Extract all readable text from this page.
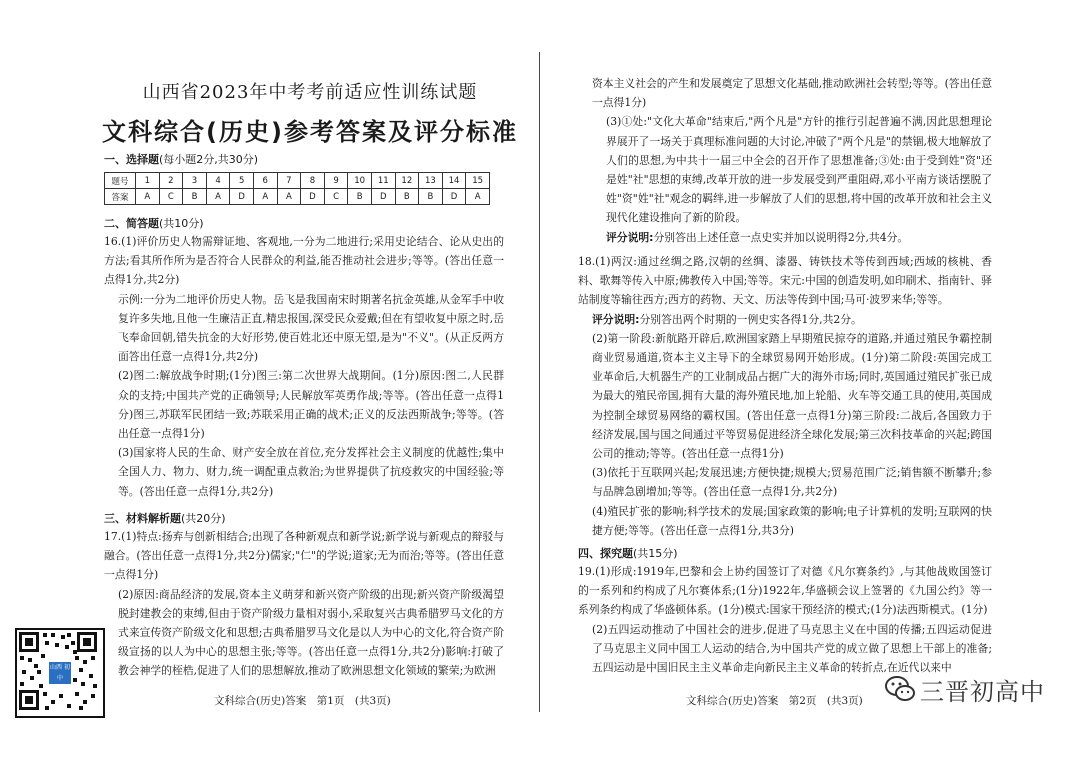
山西省2023年中考考前适应性训练试题
文科综合(历史)参考答案及评分标准
一、选择题(每小题2分,共30分)
题号	1	2	3	4	5	6	7	8	9	10	11	12	13	14	15
答案	A	C	B	A	D	A	A	D	C	B	D	B	B	D	A
二、简答题(共10分)

16.(1)评价历史人物需辩证地、客观地,一分为二地进行;采用史论结合、论从史出的方法;看其所作所为是否符合人民群众的利益,能否推动社会进步;等等。(答出任意一点得1分,共2分)

示例:一分为二地评价历史人物。岳飞是我国南宋时期著名抗金英雄,从金军手中收复许多失地,且他一生廉洁正直,精忠报国,深受民众爱戴;但在有望收复中原之时,岳飞奉命回朝,错失抗金的大好形势,使百姓北还中原无望,是为"不义"。(从正反两方面答出任意一点得1分,共2分)

(2)图二:解放战争时期;(1分)图三:第二次世界大战期间。(1分)原因:图二,人民群众的支持;中国共产党的正确领导;人民解放军英勇作战;等等。(答出任意一点得1分)图三,苏联军民团结一致;苏联采用正确的战术;正义的反法西斯战争;等等。(答出任意一点得1分)

(3)国家将人民的生命、财产安全放在首位,充分发挥社会主义制度的优越性;集中全国人力、物力、财力,统一调配重点救治;为世界提供了抗疫救灾的中国经验;等等。(答出任意一点得1分,共2分)

三、材料解析题(共20分)

17.(1)特点:扬弃与创新相结合;出现了各种新观点和新学说;新学说与新观点的辩驳与融合。(答出任意一点得1分,共2分)儒家;"仁"的学说;道家;无为而治;等等。(答出任意一点得1分)

(2)原因:商品经济的发展,资本主义萌芽和新兴资产阶级的出现;新兴资产阶级渴望脱封建教会的束缚,但由于资产阶级力量相对弱小,采取复兴古典希腊罗马文化的方式来宣传资产阶级文化和思想;古典希腊罗马文化是以人为中心的文化,符合资产阶级宣扬的以人为中心的思想主张;等等。(答出任意一点得1分,共2分)影响:打破了教会神学的桎梏,促进了人们的思想解放,推动了欧洲思想文化领域的繁荣;为欧洲

山西 初中
文科综合(历史)答案　第1页　(共3页)

资本主义社会的产生和发展奠定了思想文化基础,推动欧洲社会转型;等等。(答出任意一点得1分)

(3)①处:"文化大革命"结束后,"两个凡是"方针的推行引起普遍不满,因此思想理论界展开了一场关于真理标准问题的大讨论,冲破了"两个凡是"的禁锢,极大地解放了人们的思想,为中共十一届三中全会的召开作了思想准备;③处:由于受到姓"资"还是姓"社"思想的束缚,改革开放的进一步发展受到严重阻碍,邓小平南方谈话摆脱了姓"资"姓"社"观念的羁绊,进一步解放了人们的思想,将中国的改革开放和社会主义现代化建设推向了新的阶段。

评分说明:分别答出上述任意一点史实并加以说明得2分,共4分。

18.(1)两汉:通过丝绸之路,汉朝的丝绸、漆器、铸铁技术等传到西域;西域的核桃、香料、歌舞等传入中原;佛教传入中国;等等。宋元:中国的创造发明,如印刷术、指南针、驿站制度等输往西方;西方的药物、天文、历法等传到中国;马可·波罗来华;等等。

评分说明:分别答出两个时期的一例史实各得1分,共2分。

(2)第一阶段:新航路开辟后,欧洲国家踏上早期殖民掠夺的道路,并通过殖民争霸控制商业贸易通道,资本主义主导下的全球贸易网开始形成。(1分)第二阶段:英国完成工业革命后,大机器生产的工业制成品占据广大的海外市场;同时,英国通过殖民扩张已成为最大的殖民帝国,拥有大量的海外殖民地,加上轮船、火车等交通工具的使用,英国成为控制全球贸易网络的霸权国。(答出任意一点得1分)第三阶段:二战后,各国致力于经济发展,国与国之间通过平等贸易促进经济全球化发展;第三次科技革命的兴起;跨国公司的推动;等等。(答出任意一点得1分)

(3)依托于互联网兴起;发展迅速;方便快捷;规模大;贸易范围广泛;销售额不断攀升;参与品牌急剧增加;等等。(答出任意一点得1分,共2分)

(4)殖民扩张的影响;科学技术的发展;国家政策的影响;电子计算机的发明;互联网的快捷方便;等等。(答出任意一点得1分,共3分)

四、探究题(共15分)

19.(1)形成:1919年,巴黎和会上协约国签订了对德《凡尔赛条约》,与其他战败国签订的一系列和约构成了凡尔赛体系;(1分)1922年,华盛顿会议上签署的《九国公约》等一系列条约构成了华盛顿体系。(1分)模式:国家干预经济的模式;(1分)法西斯模式。(1分)

(2)五四运动推动了中国社会的进步,促进了马克思主义在中国的传播;五四运动促进了马克思主义同中国工人运动的结合,为中国共产党的成立做了思想上干部上的准备;五四运动是中国旧民主主义革命走向新民主主义革命的转折点,在近代以来中

文科综合(历史)答案　第2页　(共3页) 三晋初高中
